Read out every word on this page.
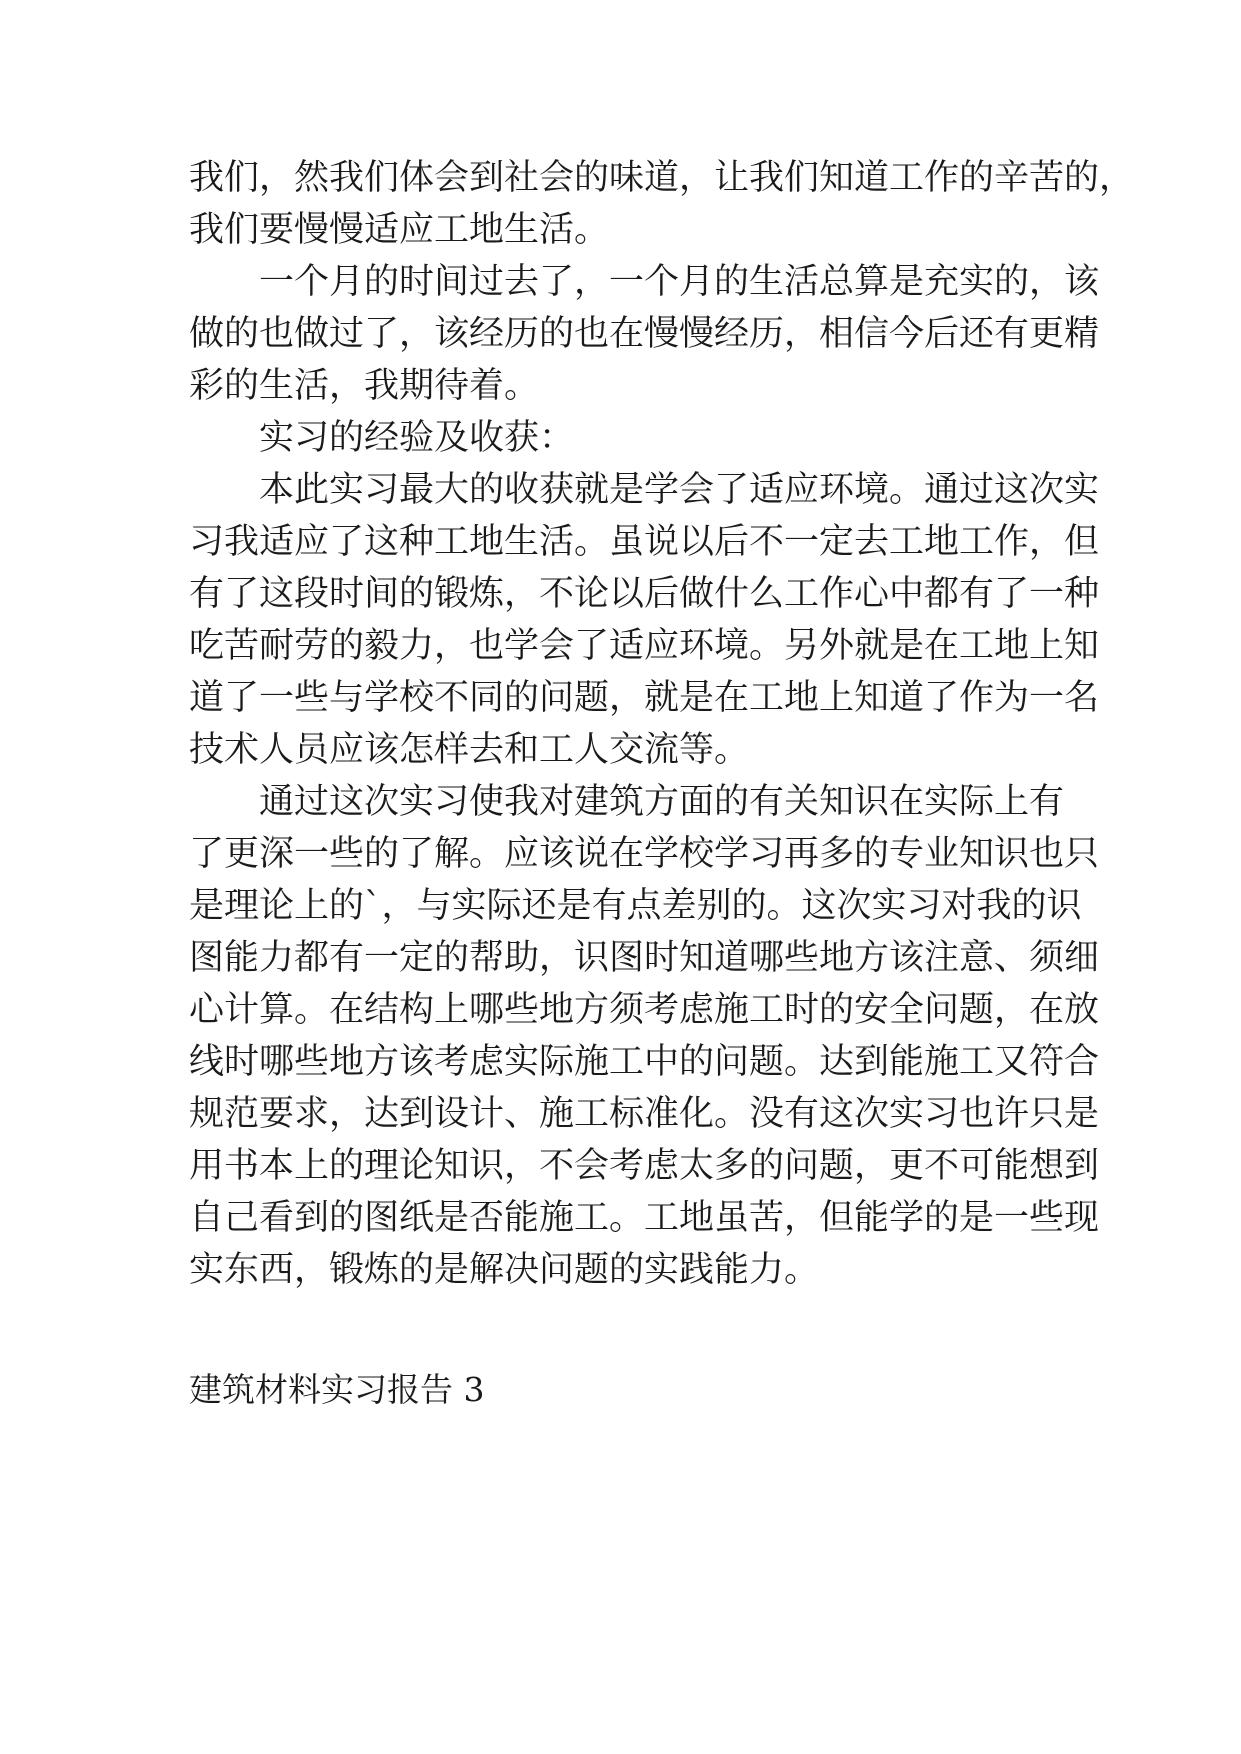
我们，然我们体会到社会的味道，让我们知道工作的辛苦的，
我们要慢慢适应工地生活。
一个月的时间过去了，一个月的生活总算是充实的，该
做的也做过了，该经历的也在慢慢经历，相信今后还有更精
彩的生活，我期待着。
实习的经验及收获：
本此实习最大的收获就是学会了适应环境。通过这次实
习我适应了这种工地生活。虽说以后不一定去工地工作，但
有了这段时间的锻炼，不论以后做什么工作心中都有了一种
吃苦耐劳的毅力，也学会了适应环境。另外就是在工地上知
道了一些与学校不同的问题，就是在工地上知道了作为一名
技术人员应该怎样去和工人交流等。
通过这次实习使我对建筑方面的有关知识在实际上有
了更深一些的了解。应该说在学校学习再多的专业知识也只
是理论上的`，与实际还是有点差别的。这次实习对我的识
图能力都有一定的帮助，识图时知道哪些地方该注意、须细
心计算。在结构上哪些地方须考虑施工时的安全问题，在放
线时哪些地方该考虑实际施工中的问题。达到能施工又符合
规范要求，达到设计、施工标准化。没有这次实习也许只是
用书本上的理论知识，不会考虑太多的问题，更不可能想到
自己看到的图纸是否能施工。工地虽苦，但能学的是一些现
实东西，锻炼的是解决问题的实践能力。
建筑材料实习报告 3
